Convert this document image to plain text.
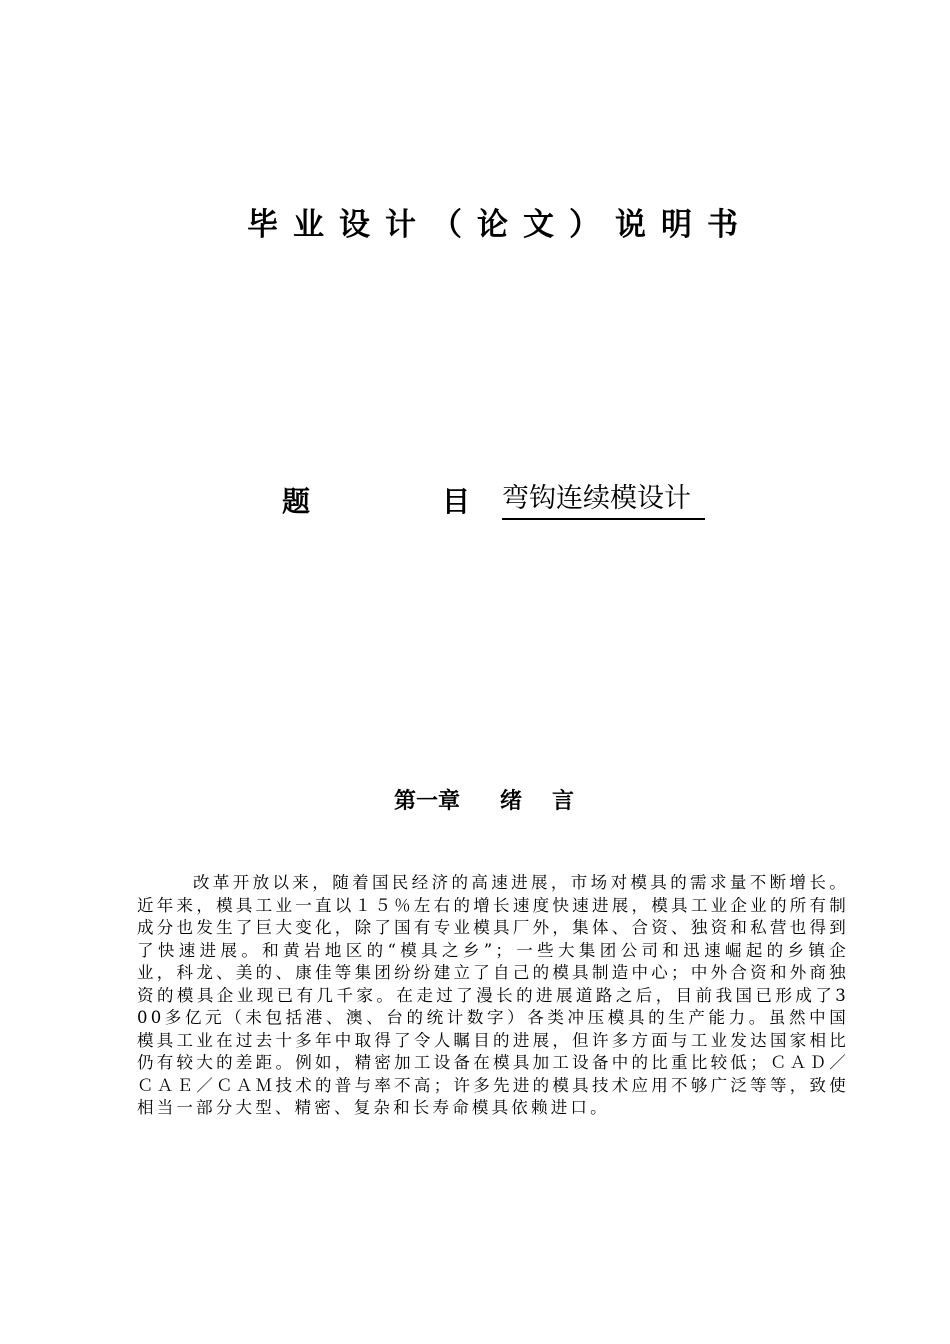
毕业设计（论文）说明书
题	目 弯钩连续模设计
第一章 绪言

改革开放以来，随着国民经济的高速进展，市场对模具的需求量不断增长。近年来，模具工业一直以１５％左右的增长速度快速进展，模具工业企业的所有制成分也发生了巨大变化，除了国有专业模具厂外，集体、合资、独资和私营也得到了快速进展。和黄岩地区的“模具之乡”；一些大集团公司和迅速崛起的乡镇企业，科龙、美的、康佳等集团纷纷建立了自己的模具制造中心；中外合资和外商独资的模具企业现已有几千家。在走过了漫长的进展道路之后，目前我国已形成了300多亿元（未包括港、澳、台的统计数字）各类冲压模具的生产能力。虽然中国模具工业在过去十多年中取得了令人瞩目的进展，但许多方面与工业发达国家相比仍有较大的差距。例如，精密加工设备在模具加工设备中的比重比较低；ＣＡＤ／ＣＡＥ／ＣＡＭ技术的普与率不高；许多先进的模具技术应用不够广泛等等，致使相当一部分大型、精密、复杂和长寿命模具依赖进口。
